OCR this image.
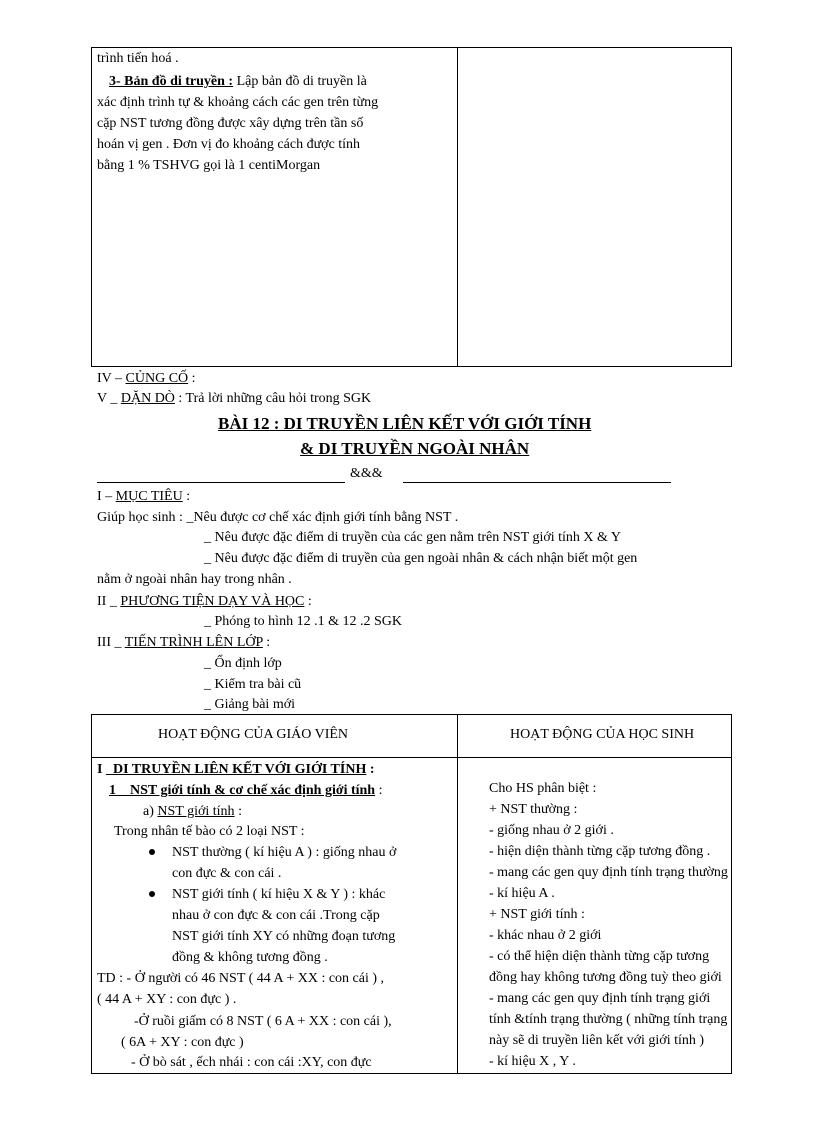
trình tiến hoá .
3- Bản đồ di truyền : Lập bản đồ di truyền là
xác định trình tự & khoảng cách các gen trên từng
cặp NST tương đồng được xây dựng trên tần số
hoán vị gen . Đơn vị đo khoảng cách được tính
bằng 1 % TSHVG gọi là 1 centiMorgan
IV – CỦNG CỐ :
V _ DẶN DÒ : Trả lời những câu hỏi trong SGK
BÀI 12 : DI TRUYỀN LIÊN KẾT VỚI GIỚI TÍNH
& DI TRUYỀN NGOÀI NHÂN
&&&
I – MỤC TIÊU :
Giúp học sinh : _Nêu được cơ chế xác định giới tính bằng NST .
_ Nêu được đặc điểm di truyền của các gen nằm trên NST giới tính X & Y
_ Nêu được đặc điểm di truyền của gen ngoài nhân & cách nhận biết một gen
nằm ở ngoài nhân hay trong nhân .
II _ PHƯƠNG TIỆN DẠY VÀ HỌC :
_ Phóng to hình 12 .1 & 12 .2 SGK
III _ TIẾN TRÌNH LÊN LỚP :
_ Ổn định lớp
_ Kiểm tra bài cũ
_ Giảng bài mới
HOẠT ĐỘNG CỦA GIÁO VIÊN	HOẠT ĐỘNG CỦA HỌC SINH
I _DI TRUYỀN LIÊN KẾT VỚI GIỚI TÍNH :
1 _ NST giới tính & cơ chế xác định giới tính :
a) NST giới tính :
Trong nhân tế bào có 2 loại NST :
NST thường ( kí hiệu A ) : giống nhau ở
con đực & con cái .
NST giới tính ( kí hiệu X & Y ) : khác
nhau ở con đực & con cái .Trong cặp
NST giới tính XY có những đoạn tương
đồng & không tương đồng .
TD : - Ở người có 46 NST ( 44 A + XX : con cái ) ,
( 44 A + XY : con đực ) .
-Ở ruồi giấm có 8 NST ( 6 A + XX : con cái ),
( 6A + XY : con đực )
- Ở bò sát , ếch nhái : con cái :XY, con đực
Cho HS phân biệt :
+ NST thường :
- giống nhau ở 2 giới .
- hiện diện thành từng cặp tương đồng .
- mang các gen quy định tính trạng thường
- kí hiệu A .
+ NST giới tính :
- khác nhau ở 2 giới
- có thể hiện diện thành từng cặp tương
đồng hay không tương đồng tuỳ theo giới
- mang các gen quy định tính trạng giới
tính &tính trạng thường ( những tính trạng
này sẽ di truyền liên kết với giới tính )
- kí hiệu X , Y .
